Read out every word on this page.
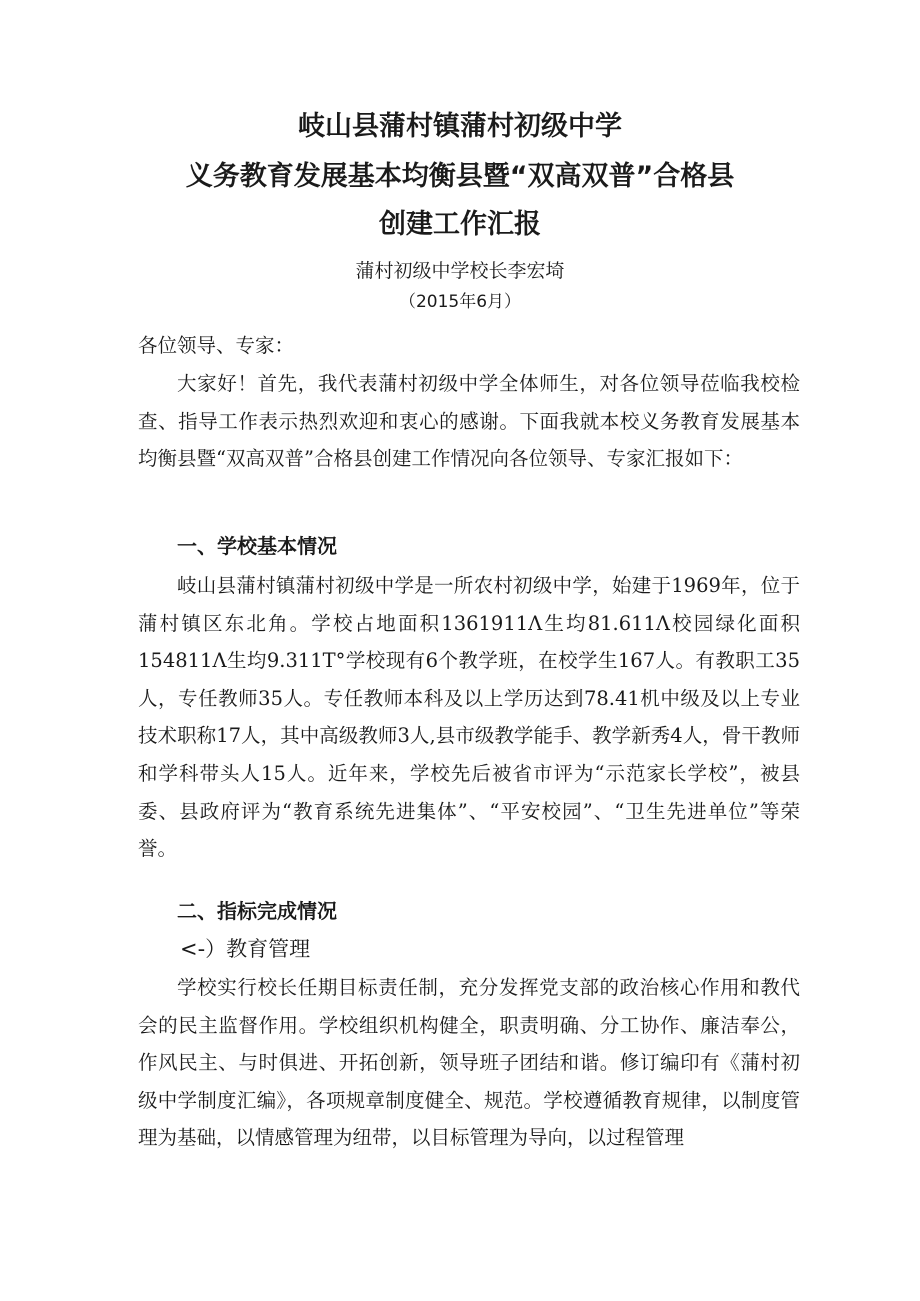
岐山县蒲村镇蒲村初级中学
义务教育发展基本均衡县暨“双高双普”合格县
创建工作汇报
蒲村初级中学校长李宏埼
（2015年6月）
各位领导、专家：
大家好！首先，我代表蒲村初级中学全体师生，对各位领导莅临我校检查、指导工作表示热烈欢迎和衷心的感谢。下面我就本校义务教育发展基本均衡县暨“双高双普”合格县创建工作情况向各位领导、专家汇报如下：
一、学校基本情况
岐山县蒲村镇蒲村初级中学是一所农村初级中学，始建于1969年，位于蒲村镇区东北角。学校占地面积1361911Λ生均81.611Λ校园绿化面积154811Λ生均9.311T°学校现有6个教学班，在校学生167人。有教职工35人，专任教师35人。专任教师本科及以上学历达到78.41机中级及以上专业技术职称17人，其中高级教师3人,县市级教学能手、教学新秀4人，骨干教师和学科带头人15人。近年来，学校先后被省市评为“示范家长学校”，被县委、县政府评为“教育系统先进集体”、“平安校园”、“卫生先进单位”等荣誉。
二、指标完成情况
<-）教育管理
学校实行校长任期目标责任制，充分发挥党支部的政治核心作用和教代会的民主监督作用。学校组织机构健全，职责明确、分工协作、廉洁奉公，作风民主、与时俱进、开拓创新，领导班子团结和谐。修订编印有《蒲村初级中学制度汇编》，各项规章制度健全、规范。学校遵循教育规律，以制度管理为基础，以情感管理为纽带，以目标管理为导向，以过程管理
